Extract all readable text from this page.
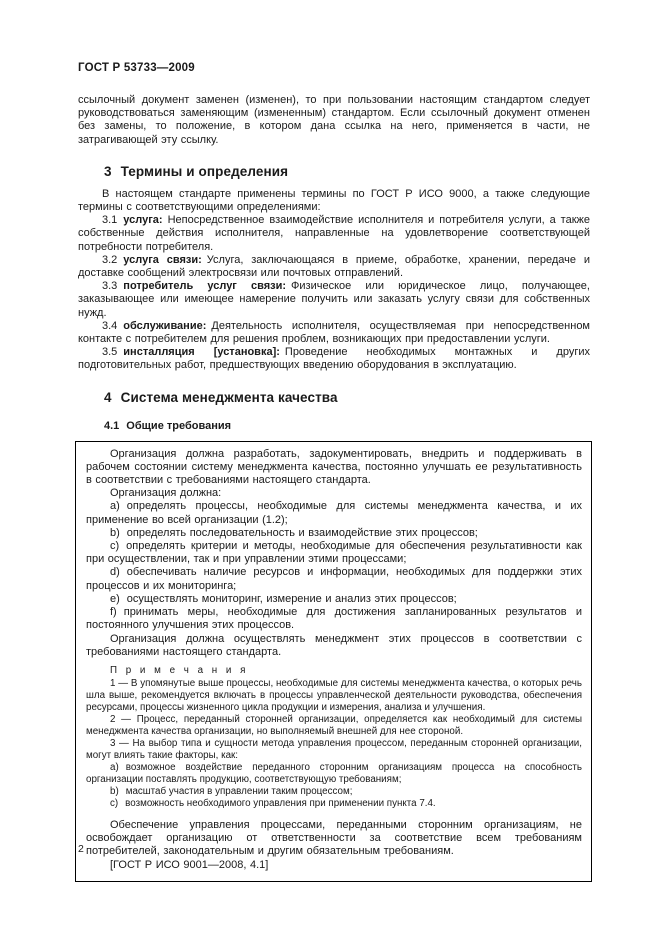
ГОСТ Р 53733—2009

ссылочный документ заменен (изменен), то при пользовании настоящим стандартом следует руководствоваться заменяющим (измененным) стандартом. Если ссылочный документ отменен без замены, то положение, в котором дана ссылка на него, применяется в части, не затрагивающей эту ссылку.

3 Термины и определения

В настоящем стандарте применены термины по ГОСТ Р ИСО 9000, а также следующие термины с соответствующими определениями:

3.1 услуга: Непосредственное взаимодействие исполнителя и потребителя услуги, а также собственные действия исполнителя, направленные на удовлетворение соответствующей потребности потребителя.

3.2 услуга связи: Услуга, заключающаяся в приеме, обработке, хранении, передаче и доставке сообщений электросвязи или почтовых отправлений.

3.3 потребитель услуг связи: Физическое или юридическое лицо, получающее, заказывающее или имеющее намерение получить или заказать услугу связи для собственных нужд.

3.4 обслуживание: Деятельность исполнителя, осуществляемая при непосредственном контакте с потребителем для решения проблем, возникающих при предоставлении услуги.

3.5 инсталляция [установка]: Проведение необходимых монтажных и других подготовительных работ, предшествующих введению оборудования в эксплуатацию.

4 Система менеджмента качества
4.1 Общие требования

Организация должна разработать, задокументировать, внедрить и поддерживать в рабочем состоянии систему менеджмента качества, постоянно улучшать ее результативность в соответствии с требованиями настоящего стандарта.

Организация должна:

a) определять процессы, необходимые для системы менеджмента качества, и их применение во всей организации (1.2);

b) определять последовательность и взаимодействие этих процессов;

c) определять критерии и методы, необходимые для обеспечения результативности как при осуществлении, так и при управлении этими процессами;

d) обеспечивать наличие ресурсов и информации, необходимых для поддержки этих процессов и их мониторинга;

e) осуществлять мониторинг, измерение и анализ этих процессов;

f) принимать меры, необходимые для достижения запланированных результатов и постоянного улучшения этих процессов.

Организация должна осуществлять менеджмент этих процессов в соответствии с требованиями настоящего стандарта.

П р и м е ч а н и я

1 — В упомянутые выше процессы, необходимые для системы менеджмента качества, о которых речь шла выше, рекомендуется включать в процессы управленческой деятельности руководства, обеспечения ресурсами, процессы жизненного цикла продукции и измерения, анализа и улучшения.

2 — Процесс, переданный сторонней организации, определяется как необходимый для системы менеджмента качества организации, но выполняемый внешней для нее стороной.

3 — На выбор типа и сущности метода управления процессом, переданным сторонней организации, могут влиять такие факторы, как:

a) возможное воздействие переданного сторонним организациям процесса на способность организации поставлять продукцию, соответствующую требованиям;

b) масштаб участия в управлении таким процессом;

c) возможность необходимого управления при применении пункта 7.4.

Обеспечение управления процессами, переданными сторонним организациям, не освобождает организацию от ответственности за соответствие всем требованиям потребителей, законодательным и другим обязательным требованиям.

[ГОСТ Р ИСО 9001—2008, 4.1]

2
